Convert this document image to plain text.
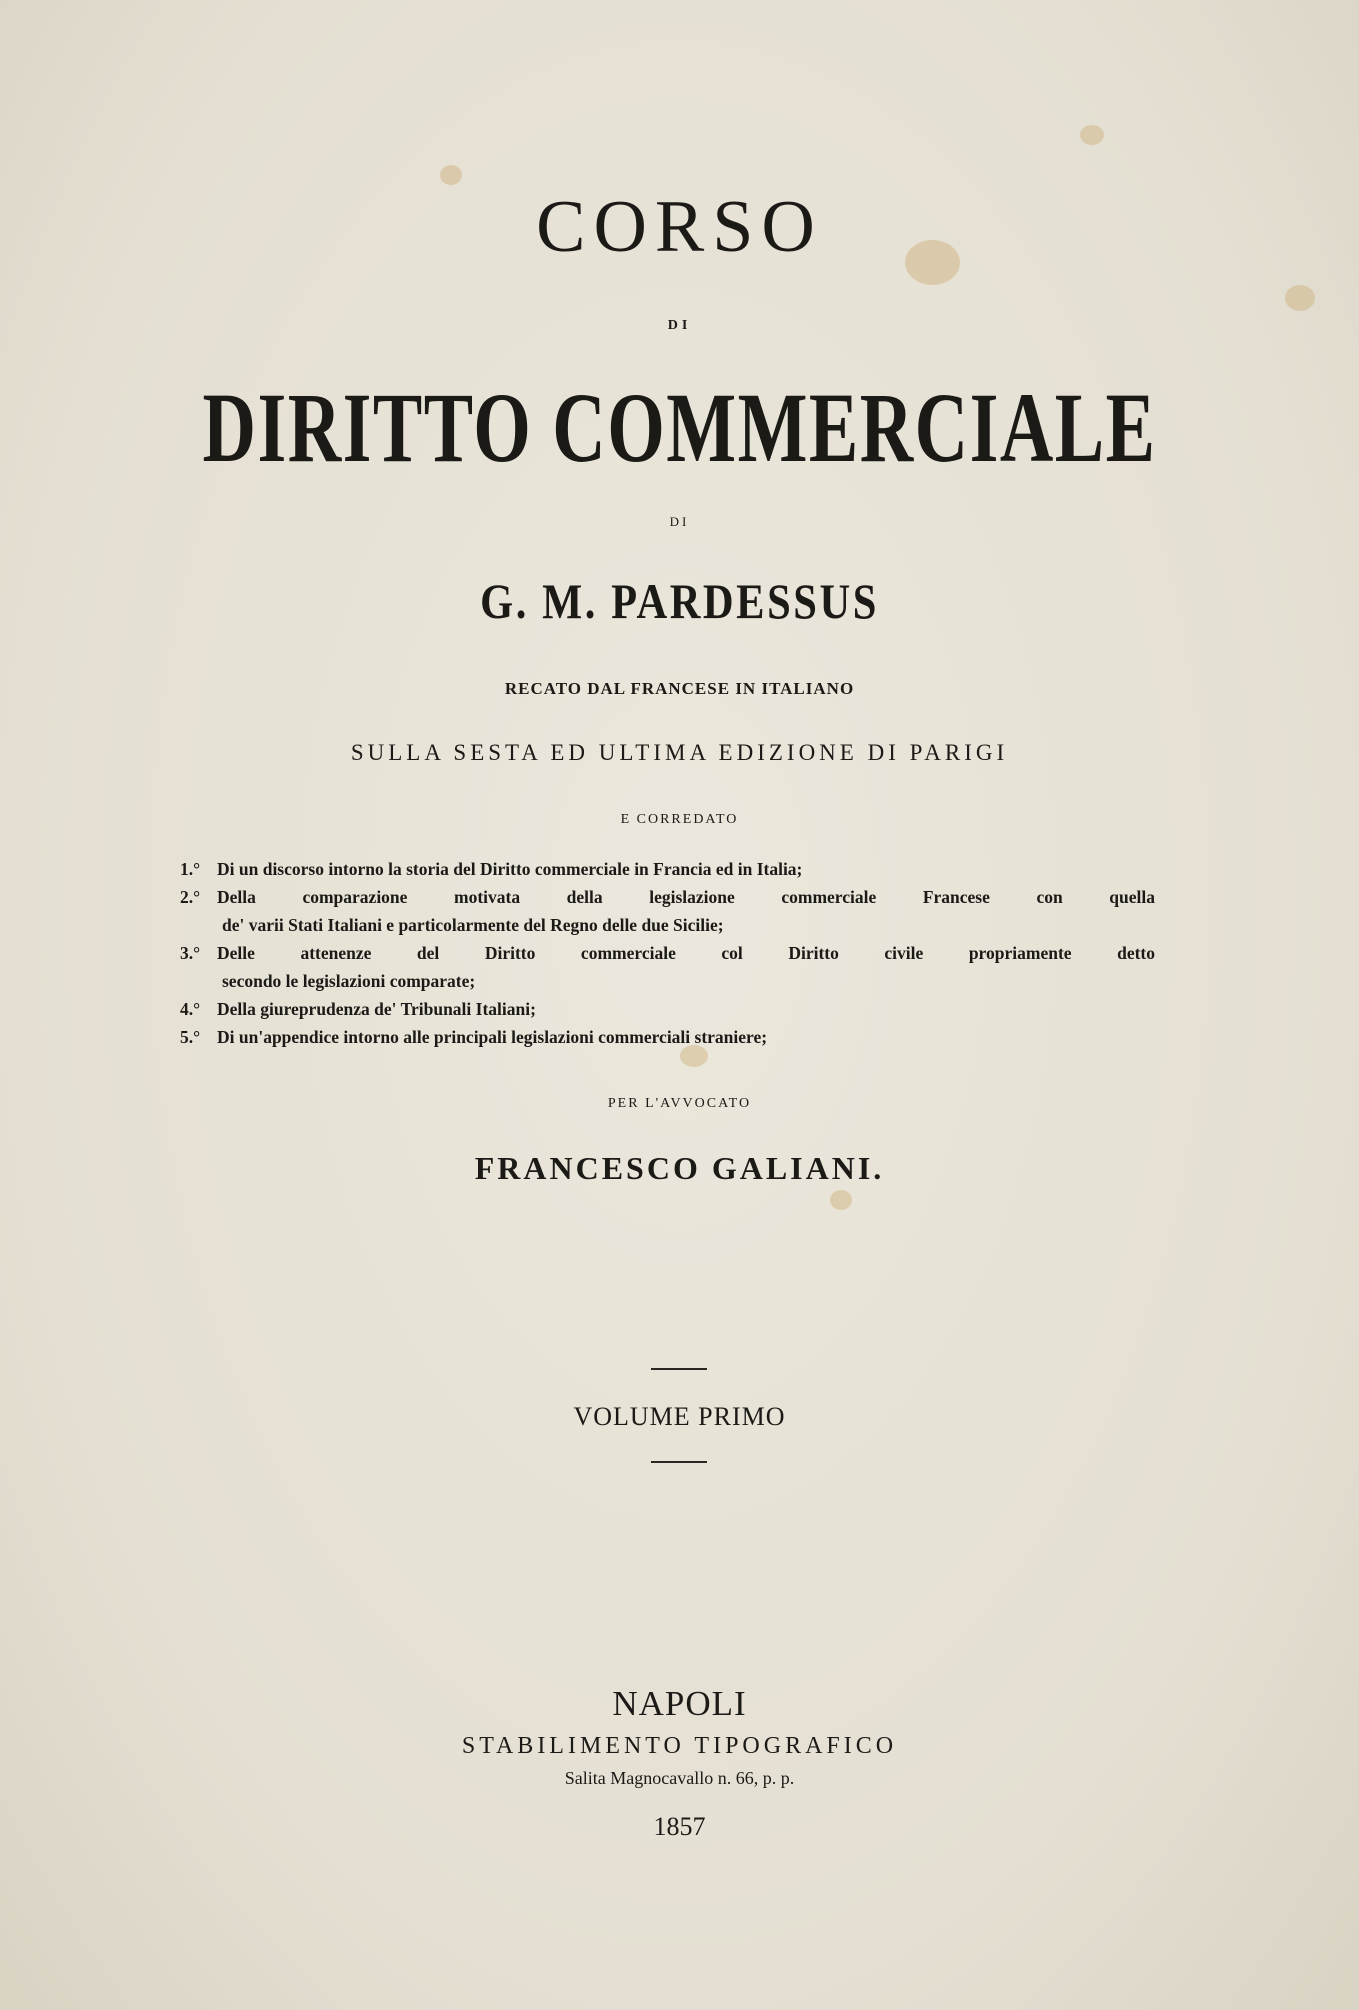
CORSO
DI
DIRITTO COMMERCIALE
DI
G. M. PARDESSUS
RECATO DAL FRANCESE IN ITALIANO
SULLA SESTA ED ULTIMA EDIZIONE DI PARIGI
E CORREDATO
1.° Di un discorso intorno la storia del Diritto commerciale in Francia ed in Italia;
2.° Della comparazione motivata della legislazione commerciale Francese con quella
de' varii Stati Italiani e particolarmente del Regno delle due Sicilie;
3.° Delle attenenze del Diritto commerciale col Diritto civile propriamente detto
secondo le legislazioni comparate;
4.° Della giureprudenza de' Tribunali Italiani;
5.° Di un'appendice intorno alle principali legislazioni commerciali straniere;
PER L'AVVOCATO
FRANCESCO GALIANI.
VOLUME PRIMO
NAPOLI
STABILIMENTO TIPOGRAFICO
Salita Magnocavallo n. 66, p. p.
1857
